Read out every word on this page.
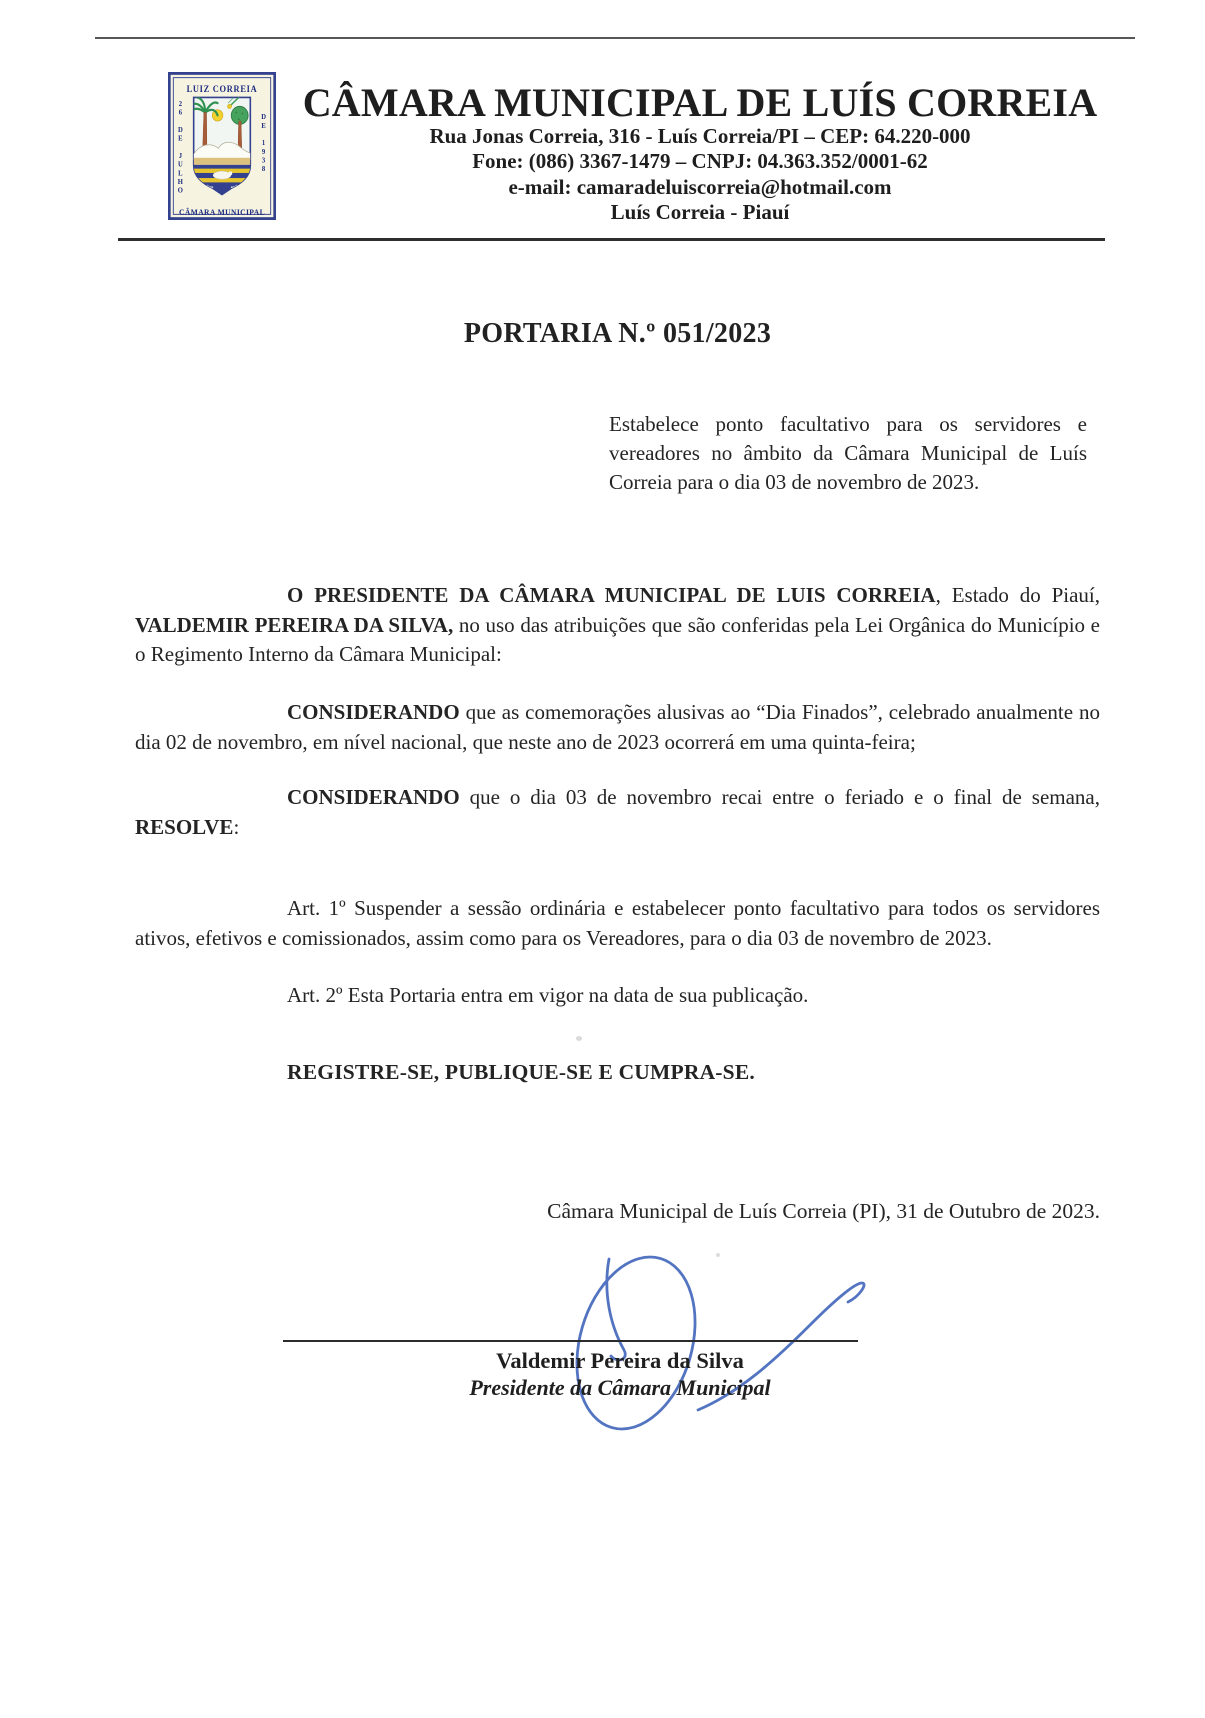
LUIZ CORREIA
2 6 D E J U L H O
D E 1 9 3 8
CÂMARA MUNICIPAL
CÂMARA MUNICIPAL DE LUÍS CORREIA
Rua Jonas Correia, 316 - Luís Correia/PI – CEP: 64.220-000
Fone: (086) 3367-1479 – CNPJ: 04.363.352/0001-62
e-mail: camaradeluiscorreia@hotmail.com
Luís Correia - Piauí
PORTARIA N.º 051/2023

Estabelece ponto facultativo para os servidores e vereadores no âmbito da Câmara Municipal de Luís Correia para o dia 03 de novembro de 2023.

O PRESIDENTE DA CÂMARA MUNICIPAL DE LUIS CORREIA, Estado do Piauí, VALDEMIR PEREIRA DA SILVA, no uso das atribuições que são conferidas pela Lei Orgânica do Município e o Regimento Interno da Câmara Municipal:

CONSIDERANDO que as comemorações alusivas ao “Dia Finados”, celebrado anualmente no dia 02 de novembro, em nível nacional, que neste ano de 2023 ocorrerá em uma quinta-feira;

CONSIDERANDO que o dia 03 de novembro recai entre o feriado e o final de semana, RESOLVE:

Art. 1º Suspender a sessão ordinária e estabelecer ponto facultativo para todos os servidores ativos, efetivos e comissionados, assim como para os Vereadores, para o dia 03 de novembro de 2023.

Art. 2º Esta Portaria entra em vigor na data de sua publicação.

REGISTRE-SE, PUBLIQUE-SE E CUMPRA-SE.

Câmara Municipal de Luís Correia (PI), 31 de Outubro de 2023.

Valdemir Pereira da Silva
Presidente da Câmara Municipal
